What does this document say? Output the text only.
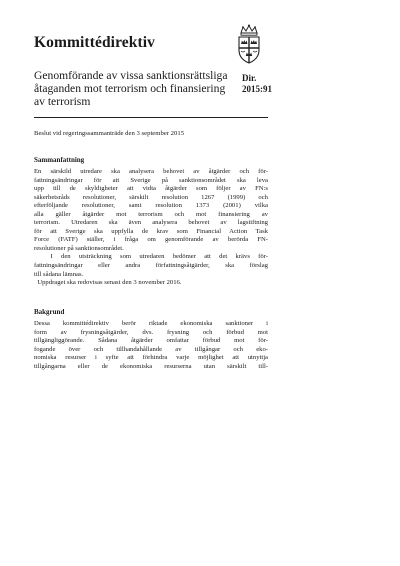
Kommittédirektiv
Genomförande av vissa sanktionsrättsliga
åtaganden mot terrorism och finansiering
av terrorism
Dir.
2015:91
Beslut vid regeringssammanträde den 3 september 2015
Sammanfattning
En särskild utredare ska analysera behovet av åtgärder och för-
fattningsändringar för att Sverige på sanktionsområdet ska leva
upp till de skyldigheter att vidta åtgärder som följer av FN:s
säkerhetsråds resolutioner, särskilt resolution 1267 (1999) och
efterföljande resolutioner, samt resolution 1373 (2001) vilka
alla gäller åtgärder mot terrorism och mot finansiering av
terrorism. Utredaren ska även analysera behovet av lagstiftning
för att Sverige ska uppfylla de krav som Financial Action Task
Force (FATF) ställer, i fråga om genomförande av berörda FN-
resolutioner på sanktionsområdet.
I den utsträckning som utredaren bedömer att det krävs för-
fattningsändringar eller andra författningsåtgärder, ska förslag
till sådana lämnas.
Uppdraget ska redovisas senast den 3 november 2016.
Bakgrund
Dessa kommittédirektiv berör riktade ekonomiska sanktioner i
form av frysningsåtgärder, dvs. frysning och förbud mot
tillgängliggörande. Sådana åtgärder omfattar förbud mot för-
fogande över och tillhandahållande av tillgångar och eko-
nomiska resurser i syfte att förhindra varje möjlighet att utnyttja
tillgångarna eller de ekonomiska resurserna utan särskilt till-
